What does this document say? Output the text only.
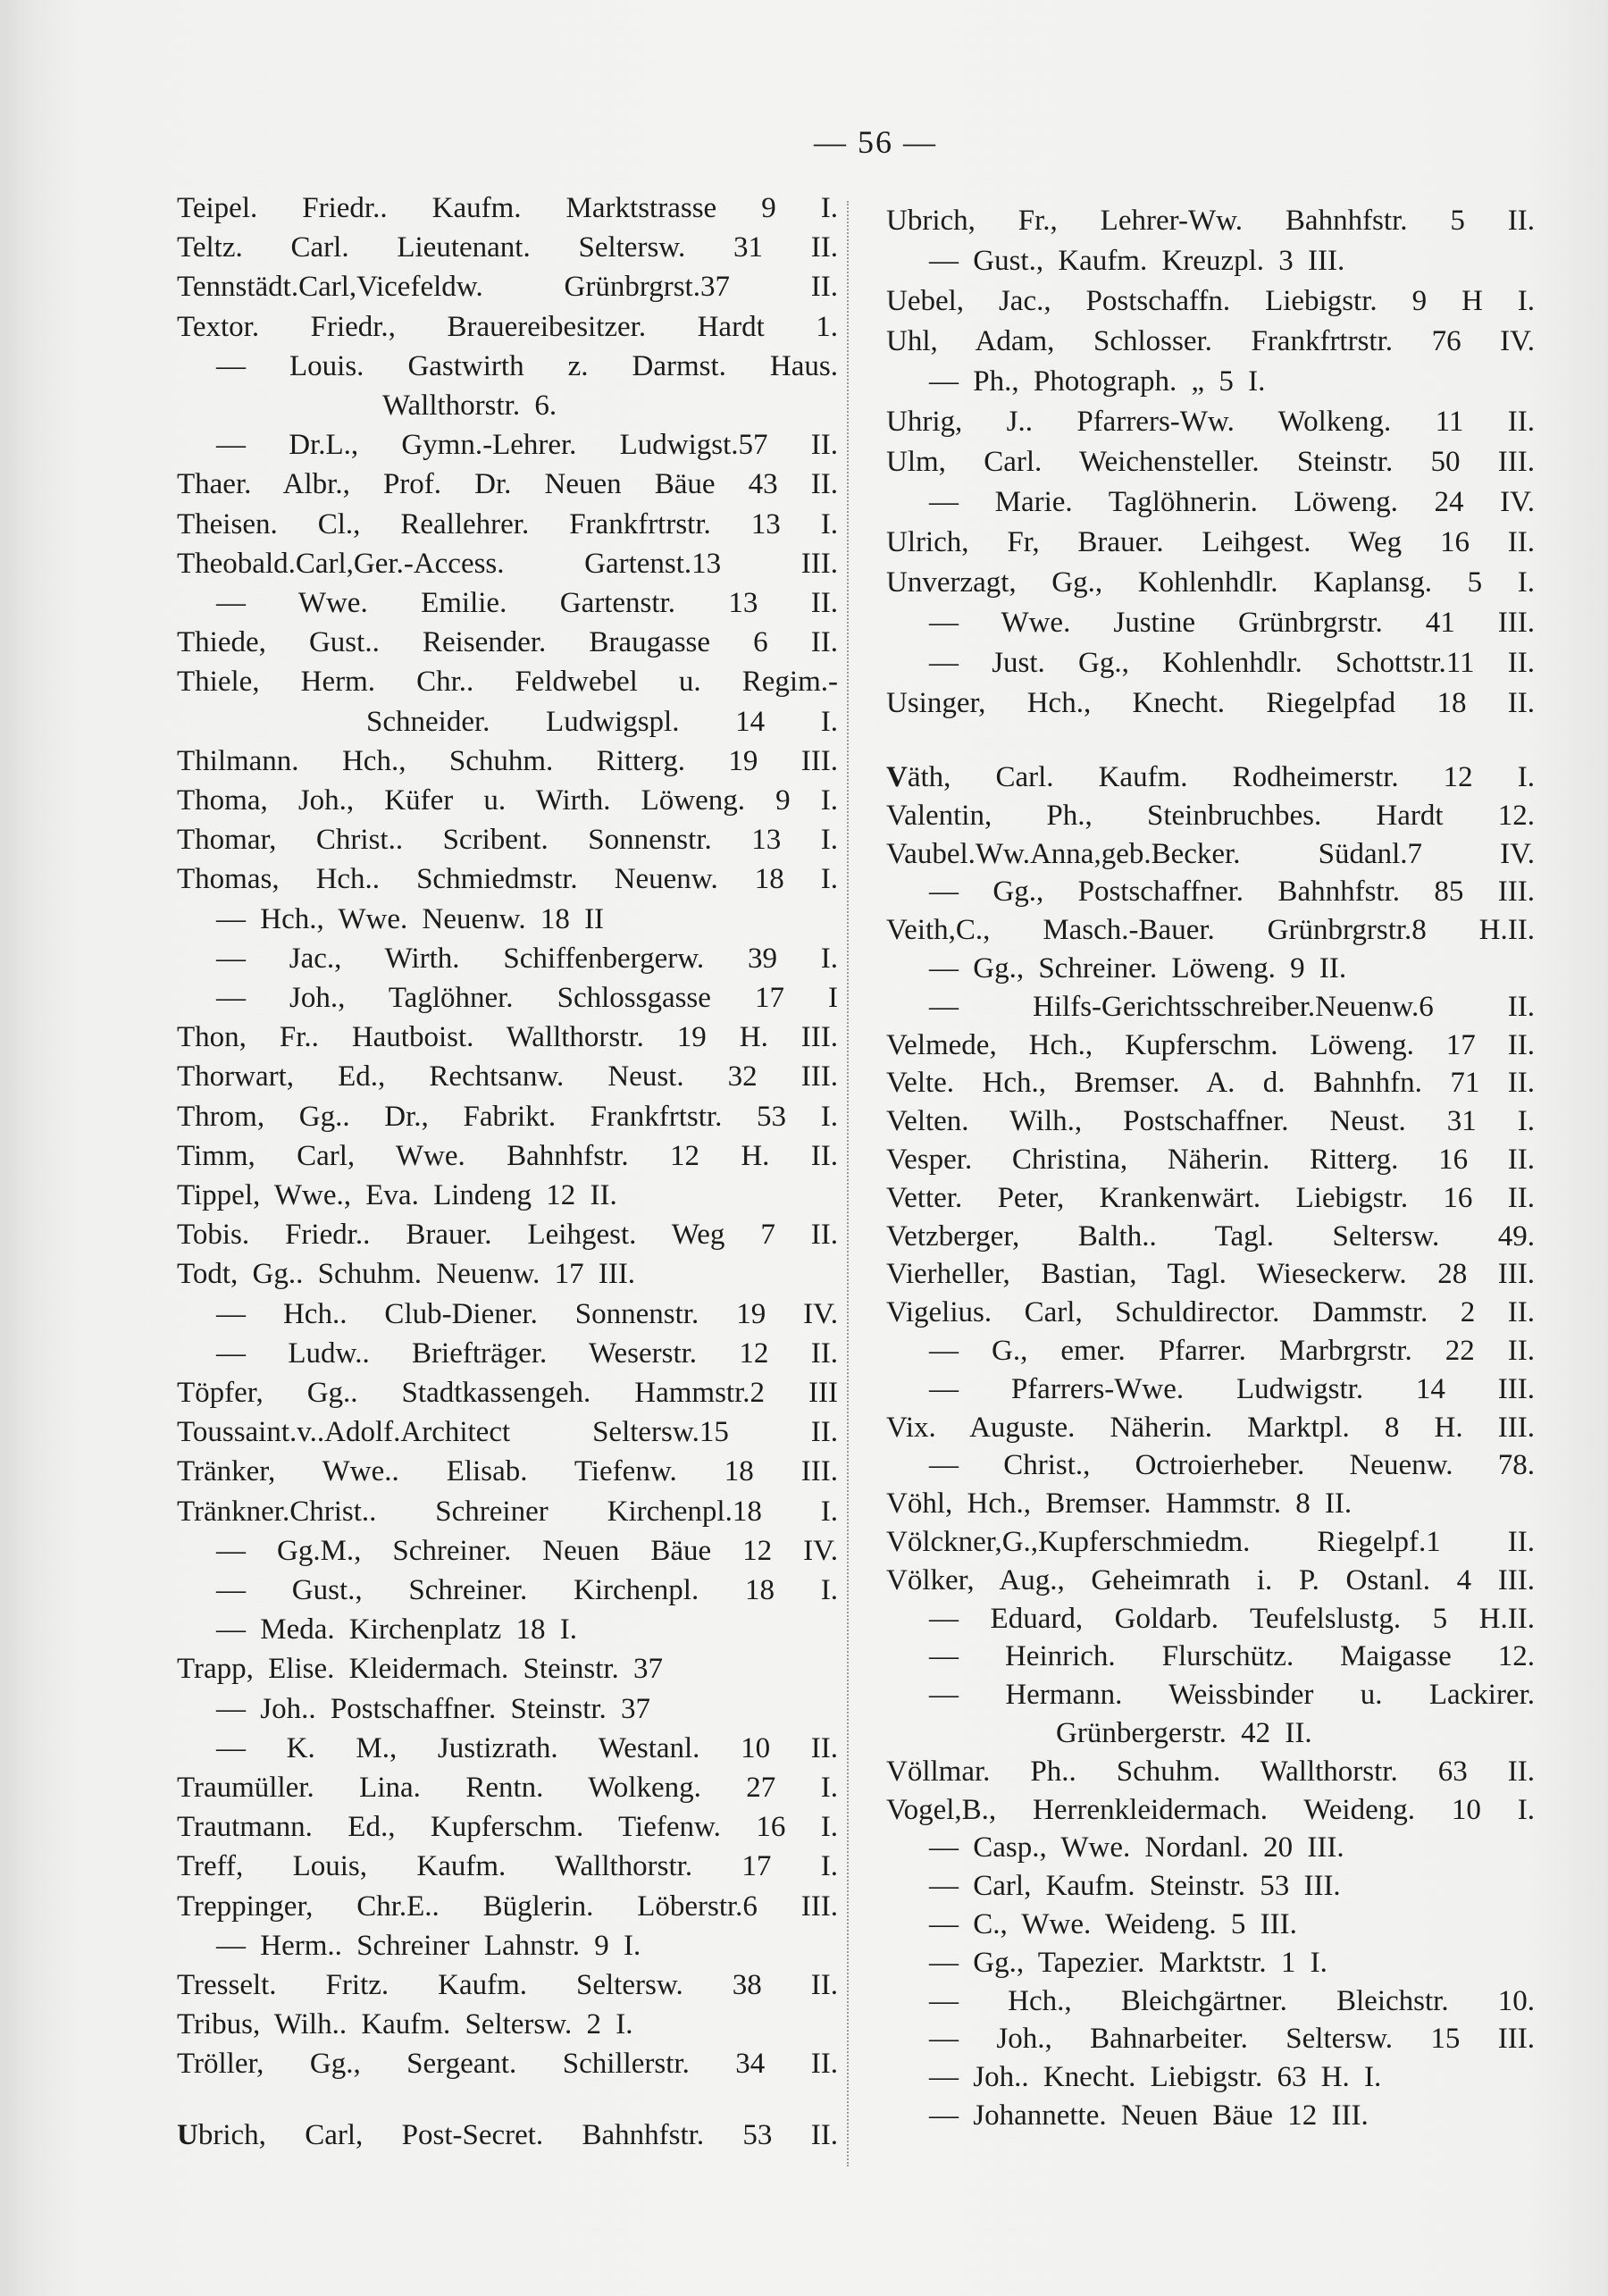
— 56 —
Teipel. Friedr.. Kaufm. Marktstrasse 9 I.
Teltz. Carl. Lieutenant. Seltersw. 31 II.
Tennstädt.Carl,Vicefeldw. Grünbrgrst.37 II.
Textor. Friedr., Brauereibesitzer. Hardt 1.
— Louis. Gastwirth z. Darmst. Haus.
Wallthorstr. 6.
— Dr.L., Gymn.-Lehrer. Ludwigst.57 II.
Thaer. Albr., Prof. Dr. Neuen Bäue 43 II.
Theisen. Cl., Reallehrer. Frankfrtrstr. 13 I.
Theobald.Carl,Ger.-Access. Gartenst.13 III.
— Wwe. Emilie. Gartenstr. 13 II.
Thiede, Gust.. Reisender. Braugasse 6 II.
Thiele, Herm. Chr.. Feldwebel u. Regim.-
Schneider. Ludwigspl. 14 I.
Thilmann. Hch., Schuhm. Ritterg. 19 III.
Thoma, Joh., Küfer u. Wirth. Löweng. 9 I.
Thomar, Christ.. Scribent. Sonnenstr. 13 I.
Thomas, Hch.. Schmiedmstr. Neuenw. 18 I.
— Hch., Wwe. Neuenw. 18 II
— Jac., Wirth. Schiffenbergerw. 39 I.
— Joh., Taglöhner. Schlossgasse 17 I
Thon, Fr.. Hautboist. Wallthorstr. 19 H. III.
Thorwart, Ed., Rechtsanw. Neust. 32 III.
Throm, Gg.. Dr., Fabrikt. Frankfrtstr. 53 I.
Timm, Carl, Wwe. Bahnhfstr. 12 H. II.
Tippel, Wwe., Eva. Lindeng 12 II.
Tobis. Friedr.. Brauer. Leihgest. Weg 7 II.
Todt, Gg.. Schuhm. Neuenw. 17 III.
— Hch.. Club-Diener. Sonnenstr. 19 IV.
— Ludw.. Briefträger. Weserstr. 12 II.
Töpfer, Gg.. Stadtkassengeh. Hammstr.2 III
Toussaint.v..Adolf.Architect Seltersw.15 II.
Tränker, Wwe.. Elisab. Tiefenw. 18 III.
Tränkner.Christ.. Schreiner Kirchenpl.18 I.
— Gg.M., Schreiner. Neuen Bäue 12 IV.
— Gust., Schreiner. Kirchenpl. 18 I.
— Meda. Kirchenplatz 18 I.
Trapp, Elise. Kleidermach. Steinstr. 37
— Joh.. Postschaffner. Steinstr. 37
— K. M., Justizrath. Westanl. 10 II.
Traumüller. Lina. Rentn. Wolkeng. 27 I.
Trautmann. Ed., Kupferschm. Tiefenw. 16 I.
Treff, Louis, Kaufm. Wallthorstr. 17 I.
Treppinger, Chr.E.. Büglerin. Löberstr.6 III.
— Herm.. Schreiner Lahnstr. 9 I.
Tresselt. Fritz. Kaufm. Seltersw. 38 II.
Tribus, Wilh.. Kaufm. Seltersw. 2 I.
Tröller, Gg., Sergeant. Schillerstr. 34 II.
Ubrich, Carl, Post-Secret. Bahnhfstr. 53 II.
Ubrich, Fr., Lehrer-Ww. Bahnhfstr. 5 II.
— Gust., Kaufm. Kreuzpl. 3 III.
Uebel, Jac., Postschaffn. Liebigstr. 9 H I.
Uhl, Adam, Schlosser. Frankfrtrstr. 76 IV.
— Ph., Photograph. „ 5 I.
Uhrig, J.. Pfarrers-Ww. Wolkeng. 11 II.
Ulm, Carl. Weichensteller. Steinstr. 50 III.
— Marie. Taglöhnerin. Löweng. 24 IV.
Ulrich, Fr, Brauer. Leihgest. Weg 16 II.
Unverzagt, Gg., Kohlenhdlr. Kaplansg. 5 I.
— Wwe. Justine Grünbrgrstr. 41 III.
— Just. Gg., Kohlenhdlr. Schottstr.11 II.
Usinger, Hch., Knecht. Riegelpfad 18 II.
Väth, Carl. Kaufm. Rodheimerstr. 12 I.
Valentin, Ph., Steinbruchbes. Hardt 12.
Vaubel.Ww.Anna,geb.Becker. Südanl.7 IV.
— Gg., Postschaffner. Bahnhfstr. 85 III.
Veith,C., Masch.-Bauer. Grünbrgrstr.8 H.II.
— Gg., Schreiner. Löweng. 9 II.
— Hilfs-Gerichtsschreiber.Neuenw.6 II.
Velmede, Hch., Kupferschm. Löweng. 17 II.
Velte. Hch., Bremser. A. d. Bahnhfn. 71 II.
Velten. Wilh., Postschaffner. Neust. 31 I.
Vesper. Christina, Näherin. Ritterg. 16 II.
Vetter. Peter, Krankenwärt. Liebigstr. 16 II.
Vetzberger, Balth.. Tagl. Seltersw. 49.
Vierheller, Bastian, Tagl. Wieseckerw. 28 III.
Vigelius. Carl, Schuldirector. Dammstr. 2 II.
— G., emer. Pfarrer. Marbrgrstr. 22 II.
— Pfarrers-Wwe. Ludwigstr. 14 III.
Vix. Auguste. Näherin. Marktpl. 8 H. III.
— Christ., Octroierheber. Neuenw. 78.
Vöhl, Hch., Bremser. Hammstr. 8 II.
Völckner,G.,Kupferschmiedm. Riegelpf.1 II.
Völker, Aug., Geheimrath i. P. Ostanl. 4 III.
— Eduard, Goldarb. Teufelslustg. 5 H.II.
— Heinrich. Flurschütz. Maigasse 12.
— Hermann. Weissbinder u. Lackirer.
Grünbergerstr. 42 II.
Völlmar. Ph.. Schuhm. Wallthorstr. 63 II.
Vogel,B., Herrenkleidermach. Weideng. 10 I.
— Casp., Wwe. Nordanl. 20 III.
— Carl, Kaufm. Steinstr. 53 III.
— C., Wwe. Weideng. 5 III.
— Gg., Tapezier. Marktstr. 1 I.
— Hch., Bleichgärtner. Bleichstr. 10.
— Joh., Bahnarbeiter. Seltersw. 15 III.
— Joh.. Knecht. Liebigstr. 63 H. I.
— Johannette. Neuen Bäue 12 III.
